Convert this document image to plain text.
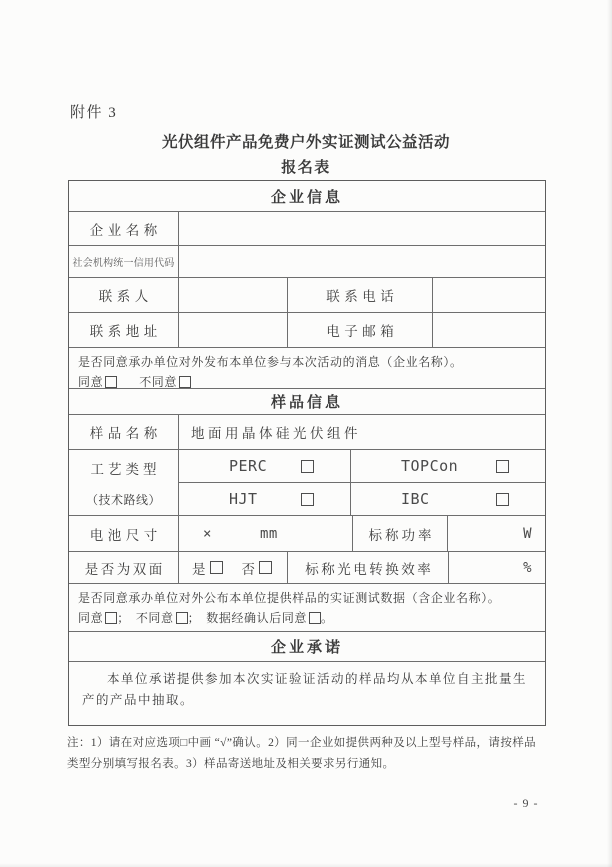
附件 3
光伏组件产品免费户外实证测试公益活动
报名表
企业信息
企业名称
社会机构统一信用代码
联系人	联系电话
联系地址	电子邮箱
是否同意承办单位对外发布本单位参与本次活动的消息（企业名称）。
同意	不同意
样品信息
样品名称	地面用晶体硅光伏组件
工艺类型
（技术路线）
PERC	TOPCon
HJT	IBC
电池尺寸	×	mm	标称功率	W
是否为双面	是	否	标称光电转换效率	%
是否同意承办单位对外公布本单位提供样品的实证测试数据（含企业名称）。
同意 ； 不同意 ； 数据经确认后同意 。
企业承诺
本单位承诺提供参加本次实证验证活动的样品均从本单位自主批量生产的产品中抽取。
注：1）请在对应选项□中画 “√”确认。2）同一企业如提供两种及以上型号样品，请按样品类型分别填写报名表。3）样品寄送地址及相关要求另行通知。
- 9 -
